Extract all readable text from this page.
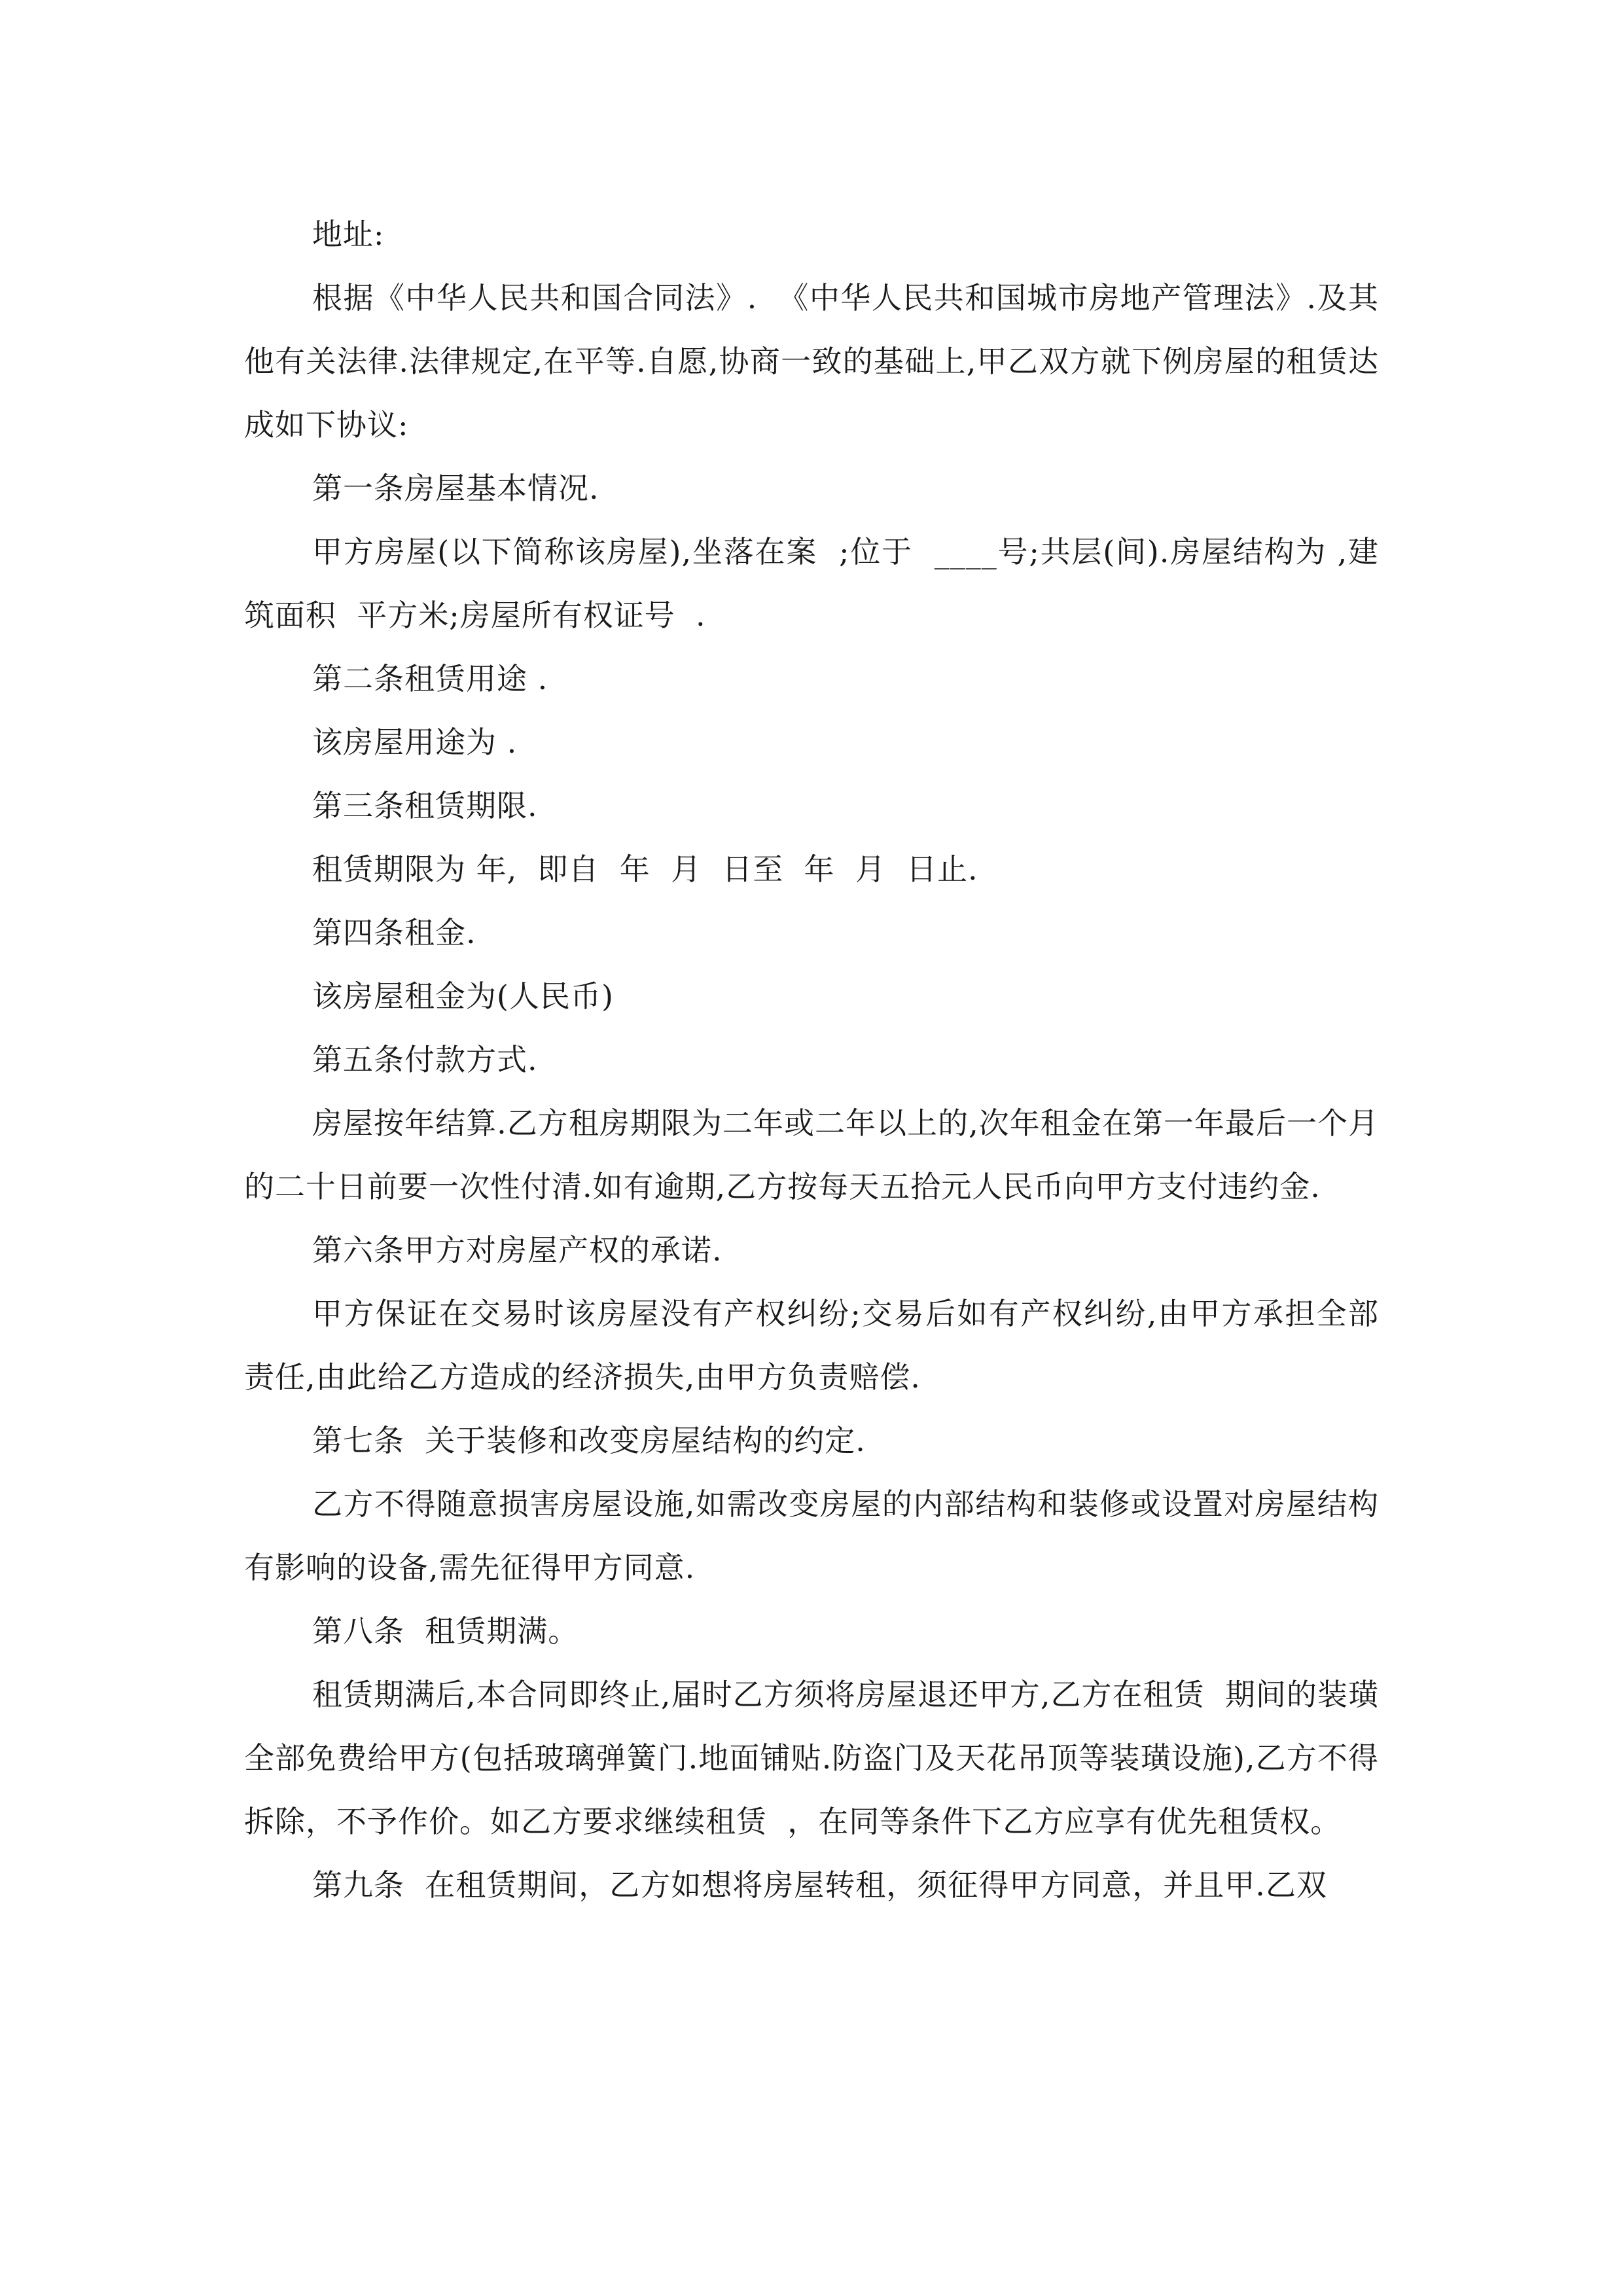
地址:

根据《中华人民共和国合同法》.  《中华人民共和国城市房地产管理法》.及其他有关法律.法律规定,在平等.自愿,协商一致的基础上,甲乙双方就下例房屋的租赁达成如下协议:

第一条房屋基本情况.

甲方房屋(以下简称该房屋),坐落在案  ;位于  ____号;共层(间).房屋结构为 ,建筑面积  平方米;房屋所有权证号  .

第二条租赁用途 .

该房屋用途为 .

第三条租赁期限.

租赁期限为 年,  即自  年  月  日至  年  月  日止.

第四条租金.

该房屋租金为(人民币)

第五条付款方式.

房屋按年结算.乙方租房期限为二年或二年以上的,次年租金在第一年最后一个月的二十日前要一次性付清.如有逾期,乙方按每天五拾元人民币向甲方支付违约金.

第六条甲方对房屋产权的承诺.

甲方保证在交易时该房屋没有产权纠纷;交易后如有产权纠纷,由甲方承担全部责任,由此给乙方造成的经济损失,由甲方负责赔偿.

第七条  关于装修和改变房屋结构的约定.

乙方不得随意损害房屋设施,如需改变房屋的内部结构和装修或设置对房屋结构有影响的设备,需先征得甲方同意.

第八条  租赁期满。

租赁期满后,本合同即终止,届时乙方须将房屋退还甲方,乙方在租赁  期间的装璜全部免费给甲方(包括玻璃弹簧门.地面铺贴.防盗门及天花吊顶等装璜设施),乙方不得拆除，不予作价。如乙方要求继续租赁  ，在同等条件下乙方应享有优先租赁权。

第九条  在租赁期间，乙方如想将房屋转租，须征得甲方同意，并且甲.乙双
